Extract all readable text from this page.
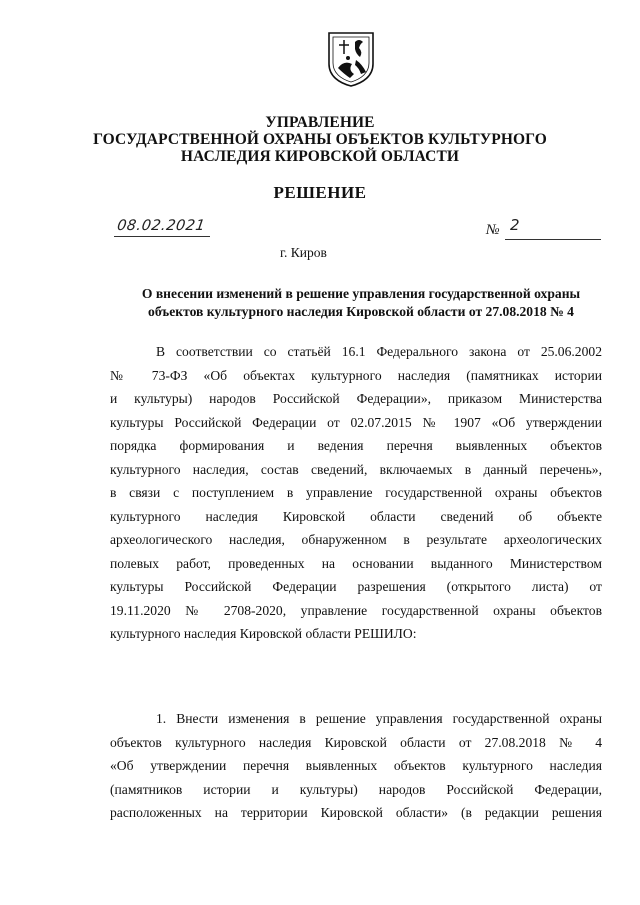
УПРАВЛЕНИЕ
ГОСУДАРСТВЕННОЙ ОХРАНЫ ОБЪЕКТОВ КУЛЬТУРНОГО
НАСЛЕДИЯ КИРОВСКОЙ ОБЛАСТИ
РЕШЕНИЕ
08.02.2021	№ 2
г. Киров
О внесении изменений в решение управления государственной охраны
объектов культурного наследия Кировской области от 27.08.2018 № 4
В соответствии со статьёй 16.1 Федерального закона от 25.06.2002
№ 73-ФЗ «Об объектах культурного наследия (памятниках истории
и культуры) народов Российской Федерации», приказом Министерства
культуры Российской Федерации от 02.07.2015 № 1907 «Об утверждении
порядка формирования и ведения перечня выявленных объектов
культурного наследия, состав сведений, включаемых в данный перечень»,
в связи с поступлением в управление государственной охраны объектов
культурного наследия Кировской области сведений об объекте
археологического наследия, обнаруженном в результате археологических
полевых работ, проведенных на основании выданного Министерством
культуры Российской Федерации разрешения (открытого листа) от
19.11.2020 № 2708-2020, управление государственной охраны объектов
культурного наследия Кировской области РЕШИЛО:
1. Внести изменения в решение управления государственной охраны
объектов культурного наследия Кировской области от 27.08.2018 № 4
«Об утверждении перечня выявленных объектов культурного наследия
(памятников истории и культуры) народов Российской Федерации,
расположенных на территории Кировской области» (в редакции решения
